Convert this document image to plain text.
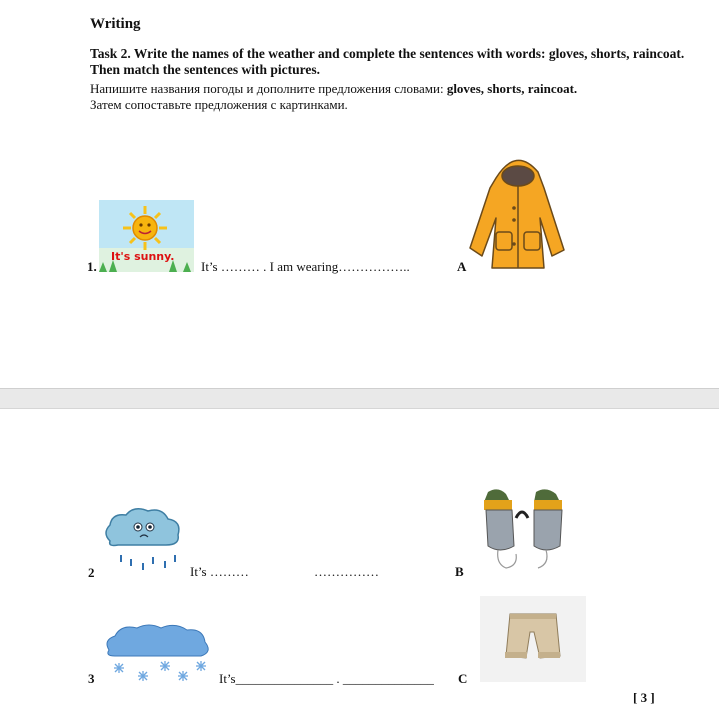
Writing
Task 2. Write the names of the weather and complete the sentences with words: gloves, shorts, raincoat. Then match the sentences with pictures.
Напишите названия погоды и дополните предложения словами: gloves, shorts, raincoat.
Затем сопоставьте предложения с картинками.
It's sunny.
1.	It’s ……… . I am wearing……………..	A
2	It’s ………	……………	B
3	It’s_______________ . ______________ C
[ 3 ]
